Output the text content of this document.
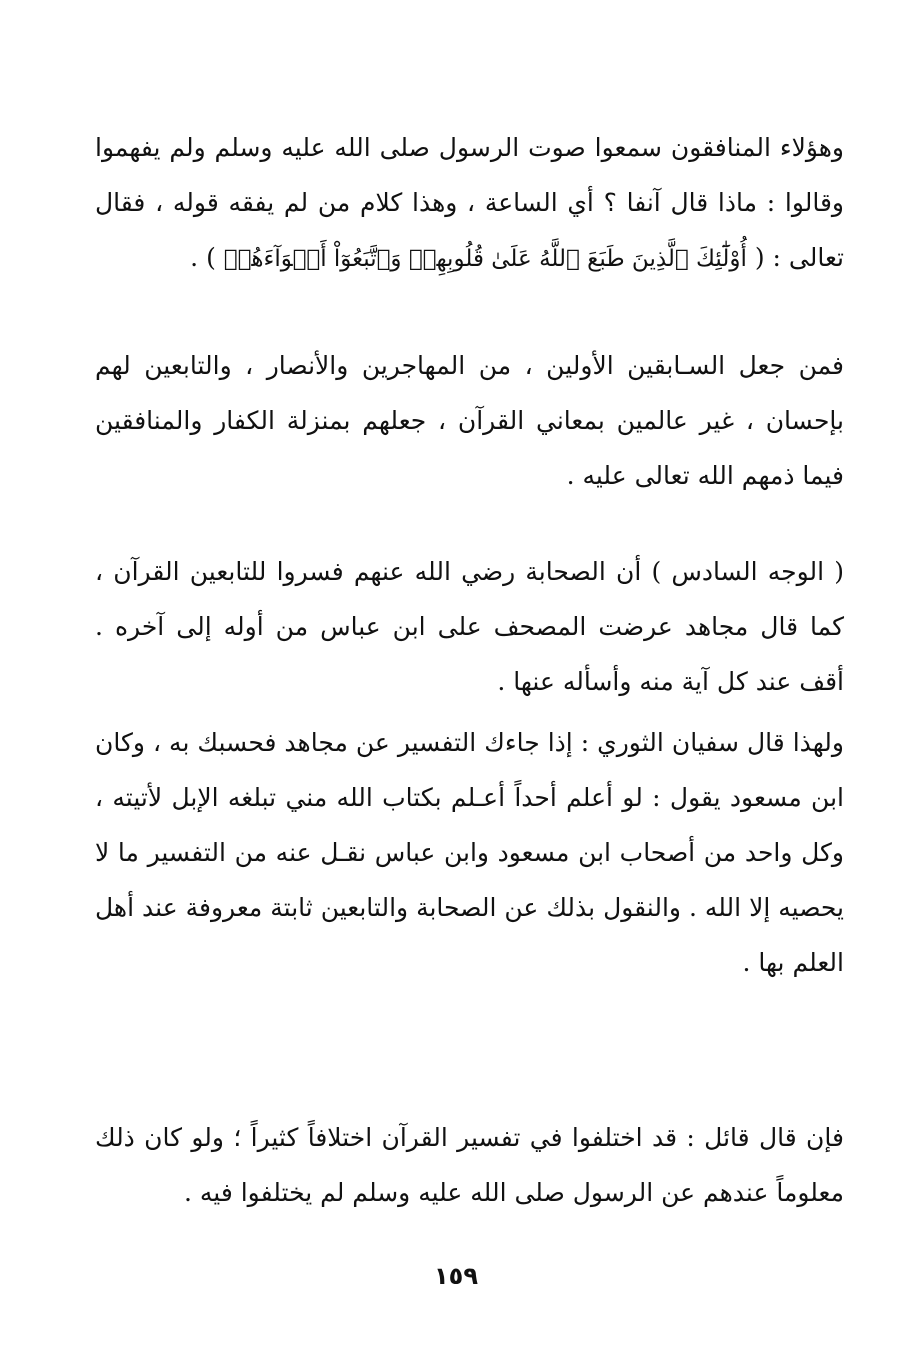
وهؤلاء المنافقون سمعوا صوت الرسول صلى الله عليه وسلم ولم يفهموا وقالوا : ماذا قال آنفا ؟ أي الساعة ، وهذا كلام من لم يفقه قوله ، فقال تعالى : ( أُوْلَٰٓئِكَ ٱلَّذِينَ طَبَعَ ٱللَّهُ عَلَىٰ قُلُوبِهِمۡ وَٱتَّبَعُوٓاْ أَهۡوَآءَهُمۡ ) .

فمن جعل السـابقين الأولين ، من المهاجرين والأنصار ، والتابعين لهم بإحسان ، غير عالمين بمعاني القرآن ، جعلهم بمنزلة الكفار والمنافقين فيما ذمهم الله تعالى عليه .

( الوجه السادس ) أن الصحابة رضي الله عنهم فسروا للتابعين القرآن ، كما قال مجاهد عرضت المصحف على ابن عباس من أوله إلى آخره . أقف عند كل آية منه وأسأله عنها .

ولهذا قال سفيان الثوري : إذا جاءك التفسير عن مجاهد فحسبك به ، وكان ابن مسعود يقول : لو أعلم أحداً أعـلم بكتاب الله مني تبلغه الإبل لأتيته ، وكل واحد من أصحاب ابن مسعود وابن عباس نقـل عنه من التفسير ما لا يحصيه إلا الله . والنقول بذلك عن الصحابة والتابعين ثابتة معروفة عند أهل العلم بها .

فإن قال قائل : قد اختلفوا في تفسير القرآن اختلافاً كثيراً ؛ ولو كان ذلك معلوماً عندهم عن الرسول صلى الله عليه وسلم لم يختلفوا فيه .

١٥٩
